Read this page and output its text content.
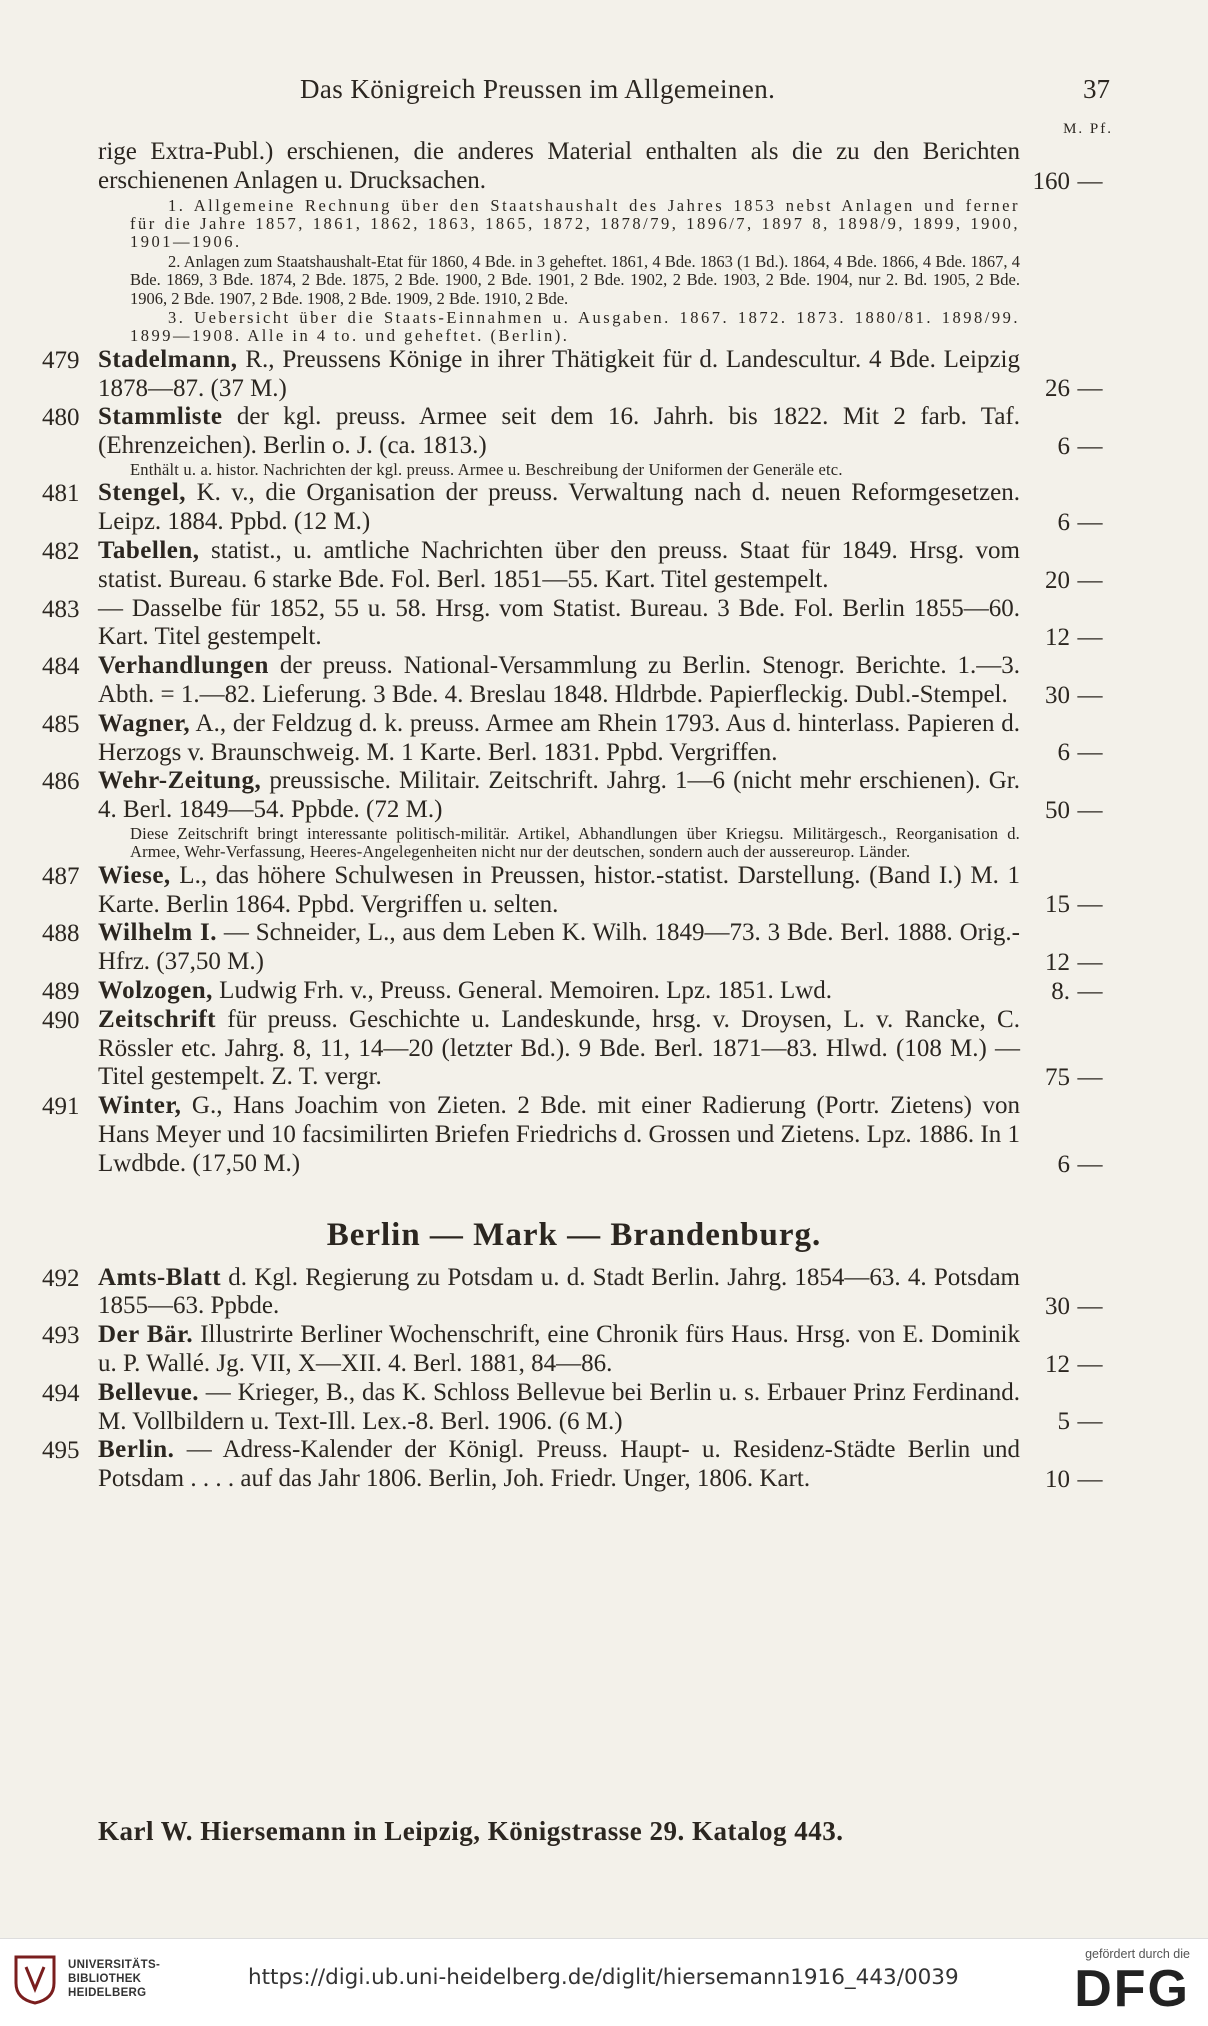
Das Königreich Preussen im Allgemeinen.	37
M. Pf.
rige Extra-Publ.) erschienen, die anderes Material enthalten als die zu den Berichten erschienenen Anlagen u. Drucksachen.	160 —
1. Allgemeine Rechnung über den Staatshaushalt des Jahres 1853 nebst Anlagen und ferner für die Jahre 1857, 1861, 1862, 1863, 1865, 1872, 1878/79, 1896/7, 1897 8, 1898/9, 1899, 1900, 1901—1906.
2. Anlagen zum Staatshaushalt-Etat für 1860, 4 Bde. in 3 geheftet. 1861, 4 Bde. 1863 (1 Bd.). 1864, 4 Bde. 1866, 4 Bde. 1867, 4 Bde. 1869, 3 Bde. 1874, 2 Bde. 1875, 2 Bde. 1900, 2 Bde. 1901, 2 Bde. 1902, 2 Bde. 1903, 2 Bde. 1904, nur 2. Bd. 1905, 2 Bde. 1906, 2 Bde. 1907, 2 Bde. 1908, 2 Bde. 1909, 2 Bde. 1910, 2 Bde.
3. Uebersicht über die Staats-Einnahmen u. Ausgaben. 1867. 1872. 1873. 1880/81. 1898/99. 1899—1908. Alle in 4 to. und geheftet. (Berlin).
479 Stadelmann, R., Preussens Könige in ihrer Thätigkeit für d. Landescultur. 4 Bde. Leipzig 1878—87. (37 M.)	26 —
480 Stammliste der kgl. preuss. Armee seit dem 16. Jahrh. bis 1822. Mit 2 farb. Taf. (Ehrenzeichen). Berlin o. J. (ca. 1813.)	6 —
Enthält u. a. histor. Nachrichten der kgl. preuss. Armee u. Beschreibung der Uniformen der Generäle etc.
481 Stengel, K. v., die Organisation der preuss. Verwaltung nach d. neuen Reformgesetzen. Leipz. 1884. Ppbd. (12 M.)	6 —
482 Tabellen, statist., u. amtliche Nachrichten über den preuss. Staat für 1849. Hrsg. vom statist. Bureau. 6 starke Bde. Fol. Berl. 1851—55. Kart. Titel gestempelt.	20 —
483 — Dasselbe für 1852, 55 u. 58. Hrsg. vom Statist. Bureau. 3 Bde. Fol. Berlin 1855—60. Kart. Titel gestempelt.	12 —
484 Verhandlungen der preuss. National-Versammlung zu Berlin. Stenogr. Berichte. 1.—3. Abth. = 1.—82. Lieferung. 3 Bde. 4. Breslau 1848. Hldrbde. Papierfleckig. Dubl.-Stempel.	30 —
485 Wagner, A., der Feldzug d. k. preuss. Armee am Rhein 1793. Aus d. hinterlass. Papieren d. Herzogs v. Braunschweig. M. 1 Karte. Berl. 1831. Ppbd. Vergriffen.	6 —
486 Wehr-Zeitung, preussische. Militair. Zeitschrift. Jahrg. 1—6 (nicht mehr erschienen). Gr. 4. Berl. 1849—54. Ppbde. (72 M.)	50 —
Diese Zeitschrift bringt interessante politisch-militär. Artikel, Abhandlungen über Kriegsu. Militärgesch., Reorganisation d. Armee, Wehr-Verfassung, Heeres-Angelegenheiten nicht nur der deutschen, sondern auch der aussereurop. Länder.
487 Wiese, L., das höhere Schulwesen in Preussen, histor.-statist. Darstellung. (Band I.) M. 1 Karte. Berlin 1864. Ppbd. Vergriffen u. selten.	15 —
488 Wilhelm I. — Schneider, L., aus dem Leben K. Wilh. 1849—73. 3 Bde. Berl. 1888. Orig.-Hfrz. (37,50 M.)	12 —
489 Wolzogen, Ludwig Frh. v., Preuss. General. Memoiren. Lpz. 1851. Lwd.	8. —
490 Zeitschrift für preuss. Geschichte u. Landeskunde, hrsg. v. Droysen, L. v. Rancke, C. Rössler etc. Jahrg. 8, 11, 14—20 (letzter Bd.). 9 Bde. Berl. 1871—83. Hlwd. (108 M.) — Titel gestempelt. Z. T. vergr.	75 —
491 Winter, G., Hans Joachim von Zieten. 2 Bde. mit einer Radierung (Portr. Zietens) von Hans Meyer und 10 facsimilirten Briefen Friedrichs d. Grossen und Zietens. Lpz. 1886. In 1 Lwdbde. (17,50 M.)	6 —
Berlin — Mark — Brandenburg.
492 Amts-Blatt d. Kgl. Regierung zu Potsdam u. d. Stadt Berlin. Jahrg. 1854—63. 4. Potsdam 1855—63. Ppbde.	30 —
493 Der Bär. Illustrirte Berliner Wochenschrift, eine Chronik fürs Haus. Hrsg. von E. Dominik u. P. Wallé. Jg. VII, X—XII. 4. Berl. 1881, 84—86.	12 —
494 Bellevue. — Krieger, B., das K. Schloss Bellevue bei Berlin u. s. Erbauer Prinz Ferdinand. M. Vollbildern u. Text-Ill. Lex.-8. Berl. 1906. (6 M.)	5 —
495 Berlin. — Adress-Kalender der Königl. Preuss. Haupt- u. Residenz-Städte Berlin und Potsdam . . . . auf das Jahr 1806. Berlin, Joh. Friedr. Unger, 1806. Kart.	10 —
Karl W. Hiersemann in Leipzig, Königstrasse 29. Katalog 443.
UNIVERSITÄTS-
BIBLIOTHEK
HEIDELBERG
https://digi.ub.uni-heidelberg.de/diglit/hiersemann1916_443/0039
gefördert durch die
DFG
